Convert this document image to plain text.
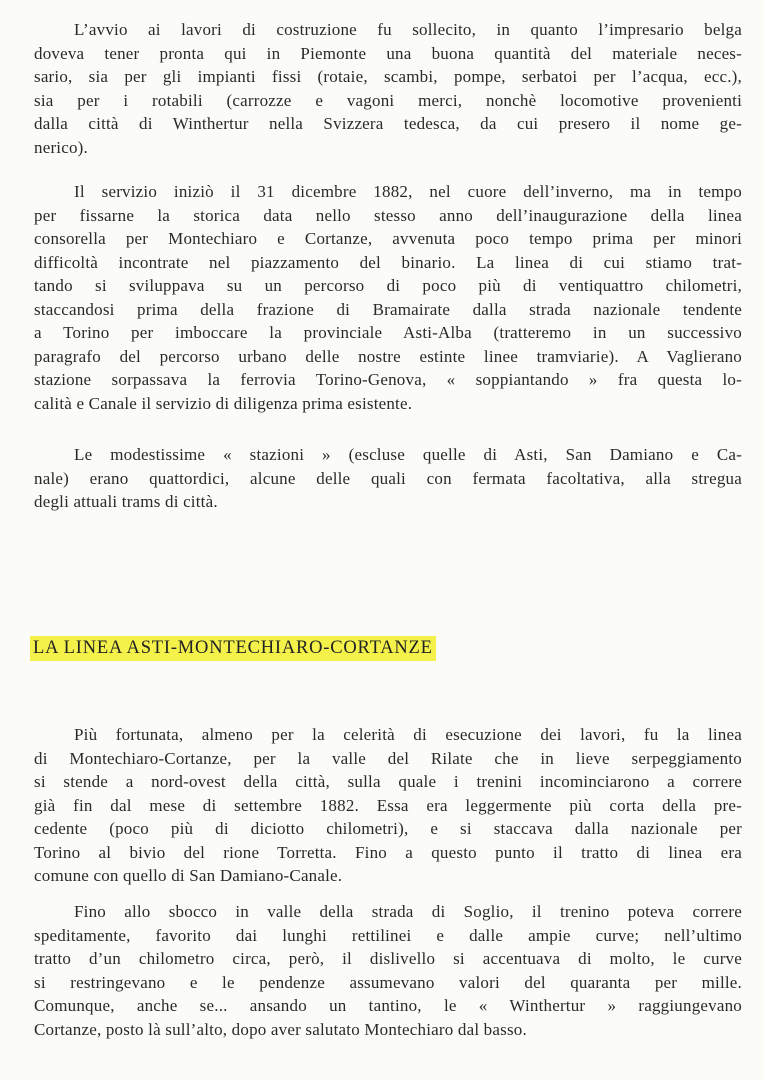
L’avvio ai lavori di costruzione fu sollecito, in quanto l’impresario belga
doveva tener pronta qui in Piemonte una buona quantità del materiale neces-
sario, sia per gli impianti fissi (rotaie, scambi, pompe, serbatoi per l’acqua, ecc.),
sia per i rotabili (carrozze e vagoni merci, nonchè locomotive provenienti
dalla città di Winthertur nella Svizzera tedesca, da cui presero il nome ge-
nerico).

Il servizio iniziò il 31 dicembre 1882, nel cuore dell’inverno, ma in tempo
per fissarne la storica data nello stesso anno dell’inaugurazione della linea
consorella per Montechiaro e Cortanze, avvenuta poco tempo prima per minori
difficoltà incontrate nel piazzamento del binario. La linea di cui stiamo trat-
tando si sviluppava su un percorso di poco più di ventiquattro chilometri,
staccandosi prima della frazione di Bramairate dalla strada nazionale tendente
a Torino per imboccare la provinciale Asti-Alba (tratteremo in un successivo
paragrafo del percorso urbano delle nostre estinte linee tramviarie). A Vaglierano
stazione sorpassava la ferrovia Torino-Genova, « soppiantando » fra questa lo-
calità e Canale il servizio di diligenza prima esistente.

Le modestissime « stazioni » (escluse quelle di Asti, San Damiano e Ca-
nale) erano quattordici, alcune delle quali con fermata facoltativa, alla stregua
degli attuali trams di città.

LA LINEA ASTI-MONTECHIARO-CORTANZE

Più fortunata, almeno per la celerità di esecuzione dei lavori, fu la linea
di Montechiaro-Cortanze, per la valle del Rilate che in lieve serpeggiamento
si stende a nord-ovest della città, sulla quale i trenini incominciarono a correre
già fin dal mese di settembre 1882. Essa era leggermente più corta della pre-
cedente (poco più di diciotto chilometri), e si staccava dalla nazionale per
Torino al bivio del rione Torretta. Fino a questo punto il tratto di linea era
comune con quello di San Damiano-Canale.

Fino allo sbocco in valle della strada di Soglio, il trenino poteva correre
speditamente, favorito dai lunghi rettilinei e dalle ampie curve; nell’ultimo
tratto d’un chilometro circa, però, il dislivello si accentuava di molto, le curve
si restringevano e le pendenze assumevano valori del quaranta per mille.
Comunque, anche se... ansando un tantino, le « Winthertur » raggiungevano
Cortanze, posto là sull’alto, dopo aver salutato Montechiaro dal basso.
